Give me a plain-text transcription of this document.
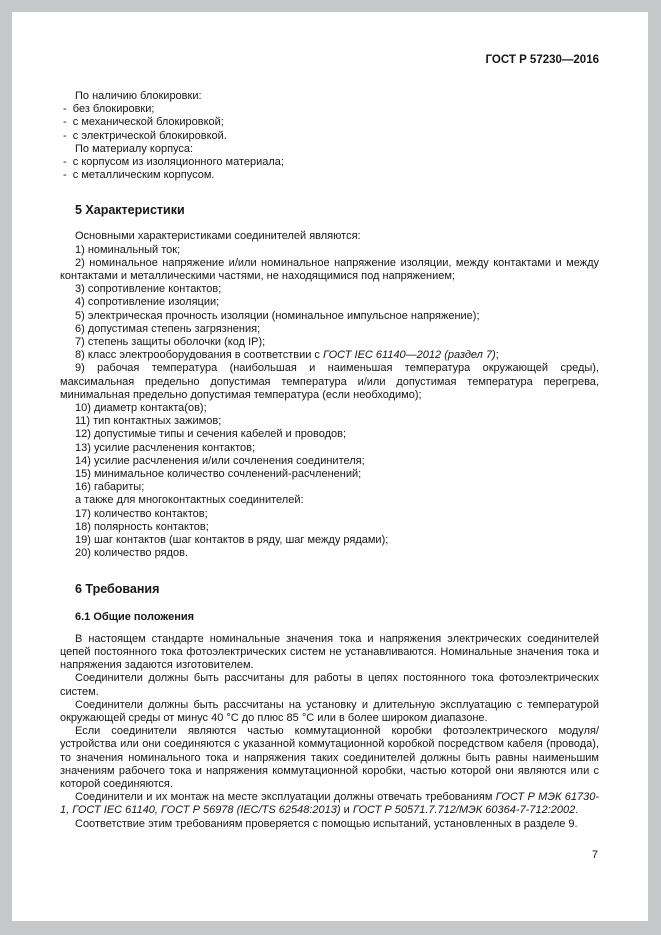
ГОСТ Р 57230—2016
По наличию блокировки:
-  без блокировки;
-  с механической блокировкой;
-  с электрической блокировкой.
По материалу корпуса:
-  с корпусом из изоляционного материала;
-  с металлическим корпусом.
5 Характеристики
Основными характеристиками соединителей являются:
1) номинальный ток;
2) номинальное напряжение и/или номинальное напряжение изоляции, между контактами и между контактами и металлическими частями, не находящимися под напряжением;
3) сопротивление контактов;
4) сопротивление изоляции;
5) электрическая прочность изоляции (номинальное импульсное напряжение);
6) допустимая степень загрязнения;
7) степень защиты оболочки (код IP);
8) класс электрооборудования в соответствии с ГОСТ IEC 61140—2012 (раздел 7);
9) рабочая температура (наибольшая и наименьшая температура окружающей среды), максимальная предельно допустимая температура и/или допустимая температура перегрева, минимальная предельно допустимая температура (если необходимо);
10) диаметр контакта(ов);
11) тип контактных зажимов;
12) допустимые типы и сечения кабелей и проводов;
13) усилие расчленения контактов;
14) усилие расчленения и/или сочленения соединителя;
15) минимальное количество сочленений-расчленений;
16) габариты;
а также для многоконтактных соединителей:
17) количество контактов;
18) полярность контактов;
19) шаг контактов (шаг контактов в ряду, шаг между рядами);
20) количество рядов.
6 Требования
6.1 Общие положения
В настоящем стандарте номинальные значения тока и напряжения электрических соединителей цепей постоянного тока фотоэлектрических систем не устанавливаются. Номинальные значения тока и напряжения задаются изготовителем.
Соединители должны быть рассчитаны для работы в цепях постоянного тока фотоэлектрических систем.
Соединители должны быть рассчитаны на установку и длительную эксплуатацию с температурой окружающей среды от минус 40 °С до плюс 85 °С или в более широком диапазоне.
Если соединители являются частью коммутационной коробки фотоэлектрического модуля/устройства или они соединяются с указанной коммутационной коробкой посредством кабеля (провода), то значения номинального тока и напряжения таких соединителей должны быть равны наименьшим значениям рабочего тока и напряжения коммутационной коробки, частью которой они являются или с которой соединяются.
Соединители и их монтаж на месте эксплуатации должны отвечать требованиям ГОСТ Р МЭК 61730-1, ГОСТ IEC 61140, ГОСТ Р 56978 (IEC/TS 62548:2013) и ГОСТ Р 50571.7.712/МЭК 60364-7-712:2002.
Соответствие этим требованиям проверяется с помощью испытаний, установленных в разделе 9.
7
